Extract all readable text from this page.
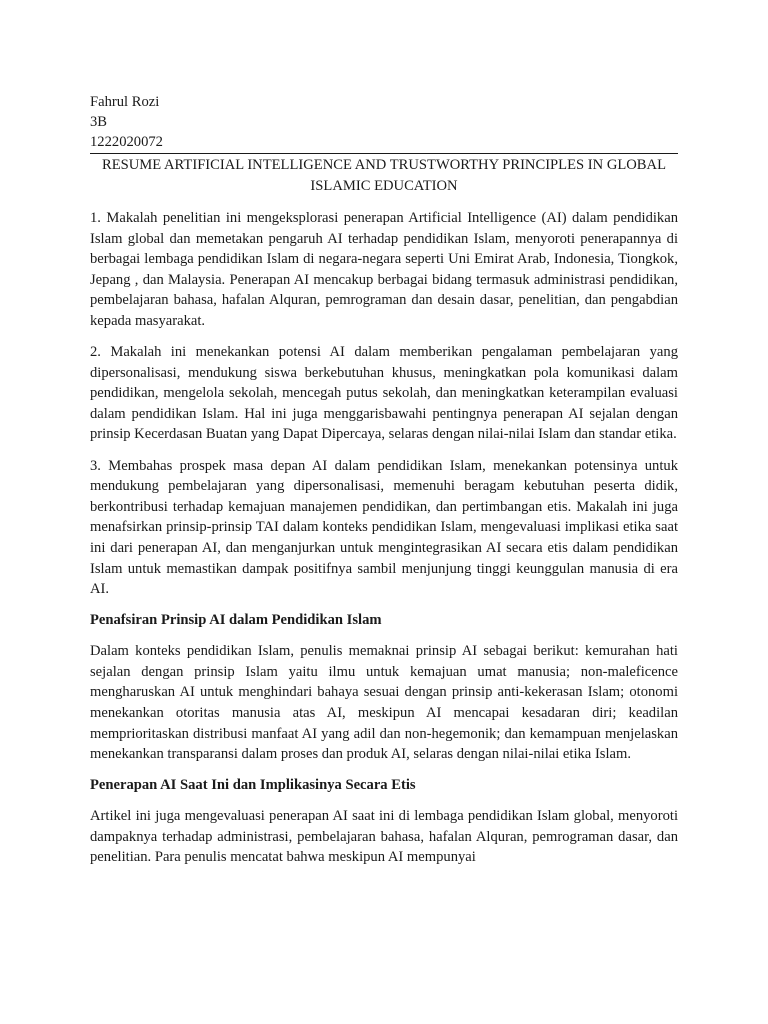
Fahrul Rozi
3B
1222020072
RESUME ARTIFICIAL INTELLIGENCE AND TRUSTWORTHY PRINCIPLES IN GLOBAL ISLAMIC EDUCATION

1. Makalah penelitian ini mengeksplorasi penerapan Artificial Intelligence (AI) dalam pendidikan Islam global dan memetakan pengaruh AI terhadap pendidikan Islam, menyoroti penerapannya di berbagai lembaga pendidikan Islam di negara-negara seperti Uni Emirat Arab, Indonesia, Tiongkok, Jepang , dan Malaysia. Penerapan AI mencakup berbagai bidang termasuk administrasi pendidikan, pembelajaran bahasa, hafalan Alquran, pemrograman dan desain dasar, penelitian, dan pengabdian kepada masyarakat.

2. Makalah ini menekankan potensi AI dalam memberikan pengalaman pembelajaran yang dipersonalisasi, mendukung siswa berkebutuhan khusus, meningkatkan pola komunikasi dalam pendidikan, mengelola sekolah, mencegah putus sekolah, dan meningkatkan keterampilan evaluasi dalam pendidikan Islam. Hal ini juga menggarisbawahi pentingnya penerapan AI sejalan dengan prinsip Kecerdasan Buatan yang Dapat Dipercaya, selaras dengan nilai-nilai Islam dan standar etika.

3. Membahas prospek masa depan AI dalam pendidikan Islam, menekankan potensinya untuk mendukung pembelajaran yang dipersonalisasi, memenuhi beragam kebutuhan peserta didik, berkontribusi terhadap kemajuan manajemen pendidikan, dan pertimbangan etis. Makalah ini juga menafsirkan prinsip-prinsip TAI dalam konteks pendidikan Islam, mengevaluasi implikasi etika saat ini dari penerapan AI, dan menganjurkan untuk mengintegrasikan AI secara etis dalam pendidikan Islam untuk memastikan dampak positifnya sambil menjunjung tinggi keunggulan manusia di era AI.

Penafsiran Prinsip AI dalam Pendidikan Islam

Dalam konteks pendidikan Islam, penulis memaknai prinsip AI sebagai berikut: kemurahan hati sejalan dengan prinsip Islam yaitu ilmu untuk kemajuan umat manusia; non-maleficence mengharuskan AI untuk menghindari bahaya sesuai dengan prinsip anti-kekerasan Islam; otonomi menekankan otoritas manusia atas AI, meskipun AI mencapai kesadaran diri; keadilan memprioritaskan distribusi manfaat AI yang adil dan non-hegemonik; dan kemampuan menjelaskan menekankan transparansi dalam proses dan produk AI, selaras dengan nilai-nilai etika Islam.

Penerapan AI Saat Ini dan Implikasinya Secara Etis

Artikel ini juga mengevaluasi penerapan AI saat ini di lembaga pendidikan Islam global, menyoroti dampaknya terhadap administrasi, pembelajaran bahasa, hafalan Alquran, pemrograman dasar, dan penelitian. Para penulis mencatat bahwa meskipun AI mempunyai
